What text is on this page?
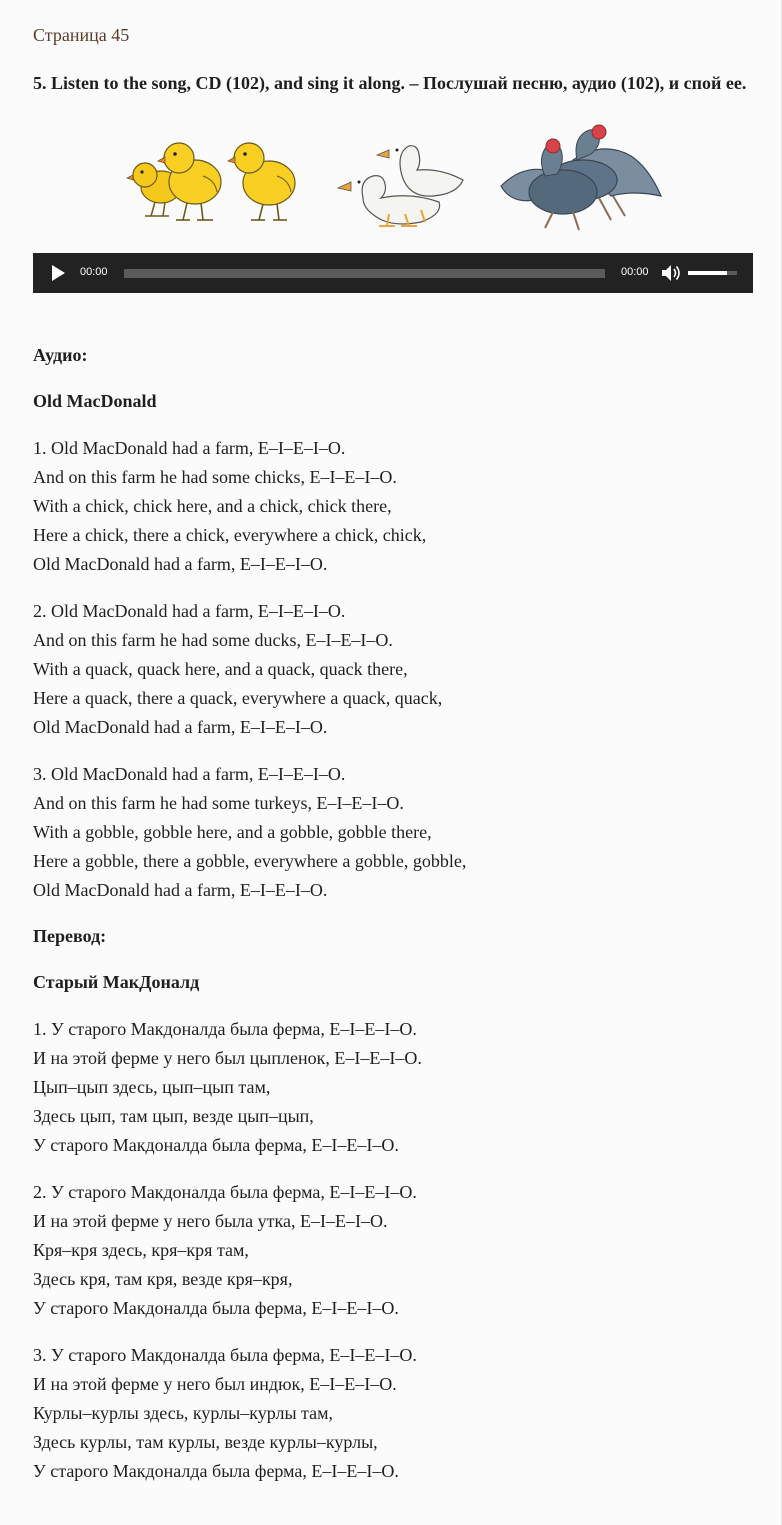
Страница 45
5. Listen to the song, CD (102), and sing it along. – Послушай песню, аудио (102), и спой ее.
00:00	00:00
Аудио:
Old MacDonald
1. Old MacDonald had a farm, E–I–E–I–O.
And on this farm he had some chicks, E–I–E–I–O.
With a chick, chick here, and a chick, chick there,
Here a chick, there a chick, everywhere a chick, chick,
Old MacDonald had a farm, E–I–E–I–O.
2. Old MacDonald had a farm, E–I–E–I–O.
And on this farm he had some ducks, E–I–E–I–O.
With a quack, quack here, and a quack, quack there,
Here a quack, there a quack, everywhere a quack, quack,
Old MacDonald had a farm, E–I–E–I–O.
3. Old MacDonald had a farm, E–I–E–I–O.
And on this farm he had some turkeys, E–I–E–I–O.
With a gobble, gobble here, and a gobble, gobble there,
Here a gobble, there a gobble, everywhere a gobble, gobble,
Old MacDonald had a farm, E–I–E–I–O.
Перевод:
Старый МакДоналд
1. У старого Макдоналда была ферма, E–I–E–I–O.
И на этой ферме у него был цыпленок, E–I–E–I–O.
Цып–цып здесь, цып–цып там,
Здесь цып, там цып, везде цып–цып,
У старого Макдоналда была ферма, E–I–E–I–O.
2. У старого Макдоналда была ферма, E–I–E–I–O.
И на этой ферме у него была утка, E–I–E–I–O.
Кря–кря здесь, кря–кря там,
Здесь кря, там кря, везде кря–кря,
У старого Макдоналда была ферма, E–I–E–I–O.
3. У старого Макдоналда была ферма, E–I–E–I–O.
И на этой ферме у него был индюк, E–I–E–I–O.
Курлы–курлы здесь, курлы–курлы там,
Здесь курлы, там курлы, везде курлы–курлы,
У старого Макдоналда была ферма, E–I–E–I–O.
